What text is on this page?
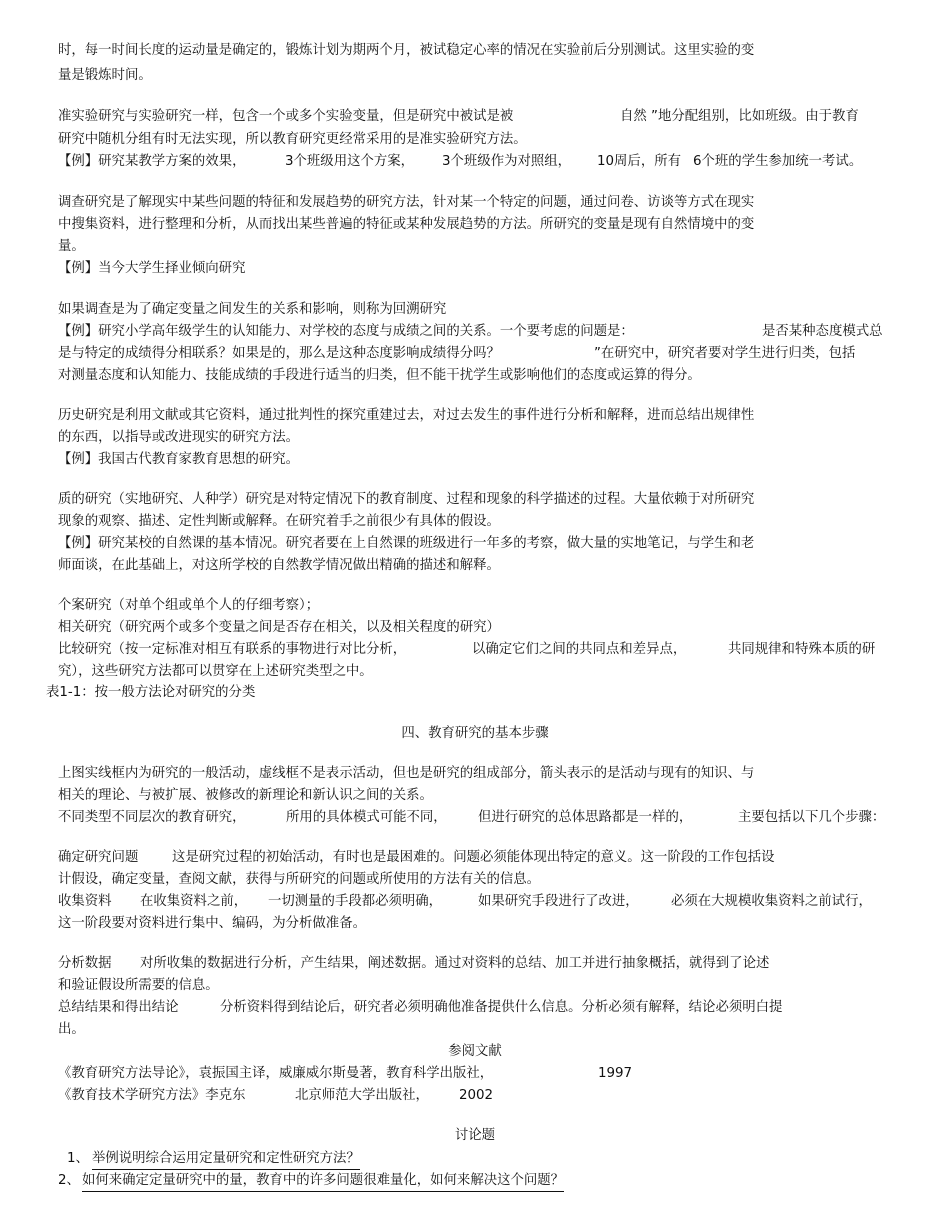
时，每一时间长度的运动量是确定的，锻炼计划为期两个月，被试稳定心率的情况在实验前后分别测试。这里实验的变
量是锻炼时间。
准实验研究与实验研究一样，包含一个或多个实验变量，但是研究中被试是被	自然 ”地分配组别，比如班级。由于教育
研究中随机分组有时无法实现，所以教育研究更经常采用的是准实验研究方法。
【例】研究某教学方案的效果，	3个班级用这个方案， 3个班级作为对照组， 10周后，所有 6个班的学生参加统一考试。
调查研究是了解现实中某些问题的特征和发展趋势的研究方法，针对某一个特定的问题，通过问卷、访谈等方式在现实
中搜集资料，进行整理和分析，从而找出某些普遍的特征或某种发展趋势的方法。所研究的变量是现有自然情境中的变
量。
【例】当今大学生择业倾向研究
如果调查是为了确定变量之间发生的关系和影响，则称为回溯研究
【例】研究小学高年级学生的认知能力、对学校的态度与成绩之间的关系。一个要考虑的问题是：	是否某种态度模式总
是与特定的成绩得分相联系？如果是的，那么是这种态度影响成绩得分吗？	”在研究中，研究者要对学生进行归类，包括
对测量态度和认知能力、技能成绩的手段进行适当的归类，但不能干扰学生或影响他们的态度或运算的得分。
历史研究是利用文献或其它资料，通过批判性的探究重建过去，对过去发生的事件进行分析和解释，进而总结出规律性
的东西，以指导或改进现实的研究方法。
【例】我国古代教育家教育思想的研究。
质的研究（实地研究、人种学）研究是对特定情况下的教育制度、过程和现象的科学描述的过程。大量依赖于对所研究
现象的观察、描述、定性判断或解释。在研究着手之前很少有具体的假设。
【例】研究某校的自然课的基本情况。研究者要在上自然课的班级进行一年多的考察，做大量的实地笔记，与学生和老
师面谈，在此基础上，对这所学校的自然教学情况做出精确的描述和解释。
个案研究（对单个组或单个人的仔细考察）；
相关研究（研究两个或多个变量之间是否存在相关，以及相关程度的研究）
比较研究（按一定标准对相互有联系的事物进行对比分析，	以确定它们之间的共同点和差异点，	共同规律和特殊本质的研
究），这些研究方法都可以贯穿在上述研究类型之中。
表1-1：按一般方法论对研究的分类
四、教育研究的基本步骤
上图实线框内为研究的一般活动，虚线框不是表示活动，但也是研究的组成部分，箭头表示的是活动与现有的知识、与
相关的理论、与被扩展、被修改的新理论和新认识之间的关系。
不同类型不同层次的教育研究，	所用的具体模式可能不同， 但进行研究的总体思路都是一样的，	主要包括以下几个步骤：
确定研究问题	这是研究过程的初始活动，有时也是最困难的。问题必须能体现出特定的意义。这一阶段的工作包括设
计假设，确定变量，查阅文献，获得与所研究的问题或所使用的方法有关的信息。
收集资料 在收集资料之前， 一切测量的手段都必须明确，	如果研究手段进行了改进， 必须在大规模收集资料之前试行，
这一阶段要对资料进行集中、编码，为分析做准备。
分析数据 对所收集的数据进行分析，产生结果，阐述数据。通过对资料的总结、加工并进行抽象概括，就得到了论述
和验证假设所需要的信息。
总结结果和得出结论	分析资料得到结论后，研究者必须明确他准备提供什么信息。分析必须有解释，结论必须明白提
出。
参阅文献
《教育研究方法导论》，袁振国主译，威廉威尔斯曼著，教育科学出版社，	1997
《教育技术学研究方法》李克东	北京师范大学出版社， 2002
讨论题
1、 举例说明综合运用定量研究和定性研究方法？
2、 如何来确定定量研究中的量，教育中的许多问题很难量化，如何来解决这个问题？
